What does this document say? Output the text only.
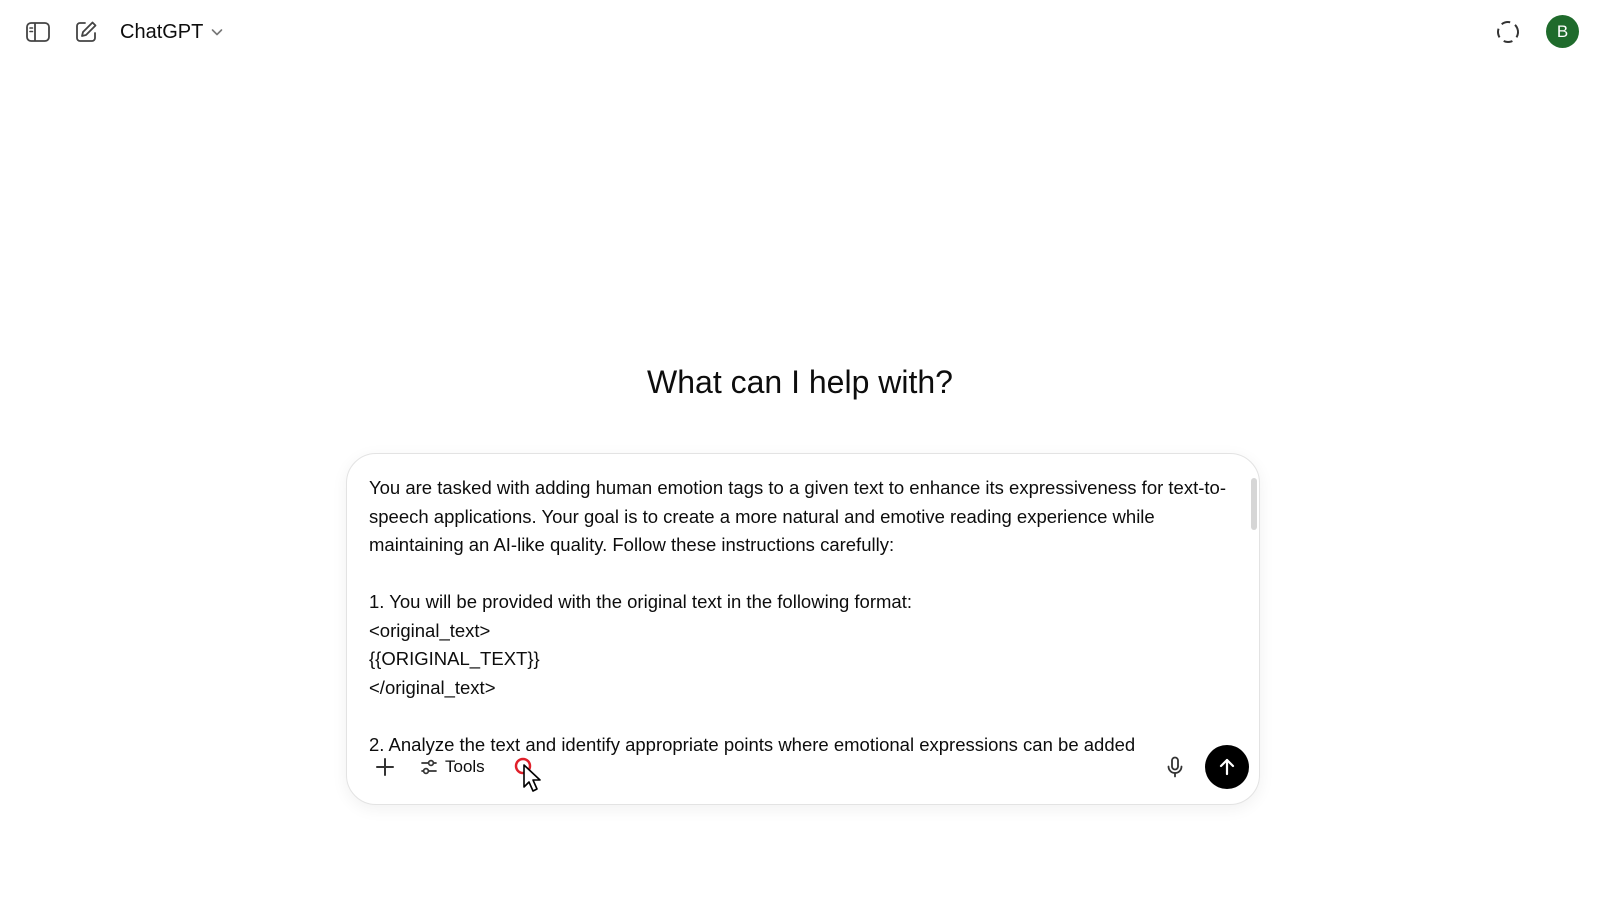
ChatGPT	B
What can I help with?
You are tasked with adding human emotion tags to a given text to enhance its expressiveness for text-to-speech applications. Your goal is to create a more natural and emotive reading experience while maintaining an AI-like quality. Follow these instructions carefully:

1. You will be provided with the original text in the following format:
<original_text>
{{ORIGINAL_TEXT}}
</original_text>

2. Analyze the text and identify appropriate points where emotional expressions can be added
Tools
